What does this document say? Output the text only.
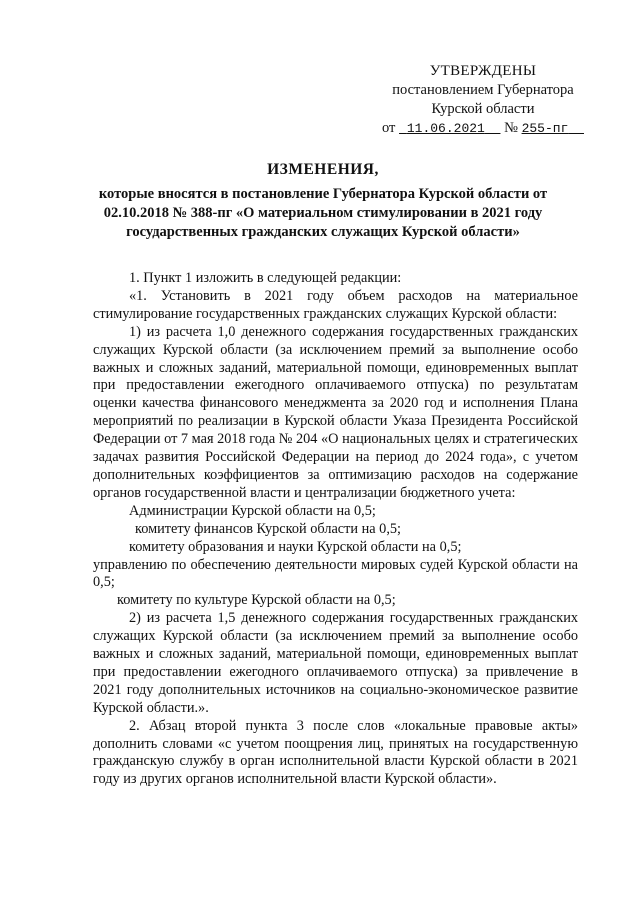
УТВЕРЖДЕНЫ
постановлением Губернатора
Курской области
от 11.06.2021 № 255-пг
ИЗМЕНЕНИЯ,
которые вносятся в постановление Губернатора Курской области от 02.10.2018 № 388-пг «О материальном стимулировании в 2021 году государственных гражданских служащих Курской области»

1. Пункт 1 изложить в следующей редакции:

«1. Установить в 2021 году объем расходов на материальное стимулирование государственных гражданских служащих Курской области:

1) из расчета 1,0 денежного содержания государственных гражданских служащих Курской области (за исключением премий за выполнение особо важных и сложных заданий, материальной помощи, единовременных выплат при предоставлении ежегодного оплачиваемого отпуска) по результатам оценки качества финансового менеджмента за 2020 год и исполнения Плана мероприятий по реализации в Курской области Указа Президента Российской Федерации от 7 мая 2018 года № 204 «О национальных целях и стратегических задачах развития Российской Федерации на период до 2024 года», с учетом дополнительных коэффициентов за оптимизацию расходов на содержание органов государственной власти и централизации бюджетного учета:

Администрации Курской области на 0,5;

комитету финансов Курской области на 0,5;

комитету образования и науки Курской области на 0,5;

управлению по обеспечению деятельности мировых судей Курской области на 0,5;

комитету по культуре Курской области на 0,5;

2) из расчета 1,5 денежного содержания государственных гражданских служащих Курской области (за исключением премий за выполнение особо важных и сложных заданий, материальной помощи, единовременных выплат при предоставлении ежегодного оплачиваемого отпуска) за привлечение в 2021 году дополнительных источников на социально-экономическое развитие Курской области.».

2. Абзац второй пункта 3 после слов «локальные правовые акты» дополнить словами «с учетом поощрения лиц, принятых на государственную гражданскую службу в орган исполнительной власти Курской области в 2021 году из других органов исполнительной власти Курской области».
